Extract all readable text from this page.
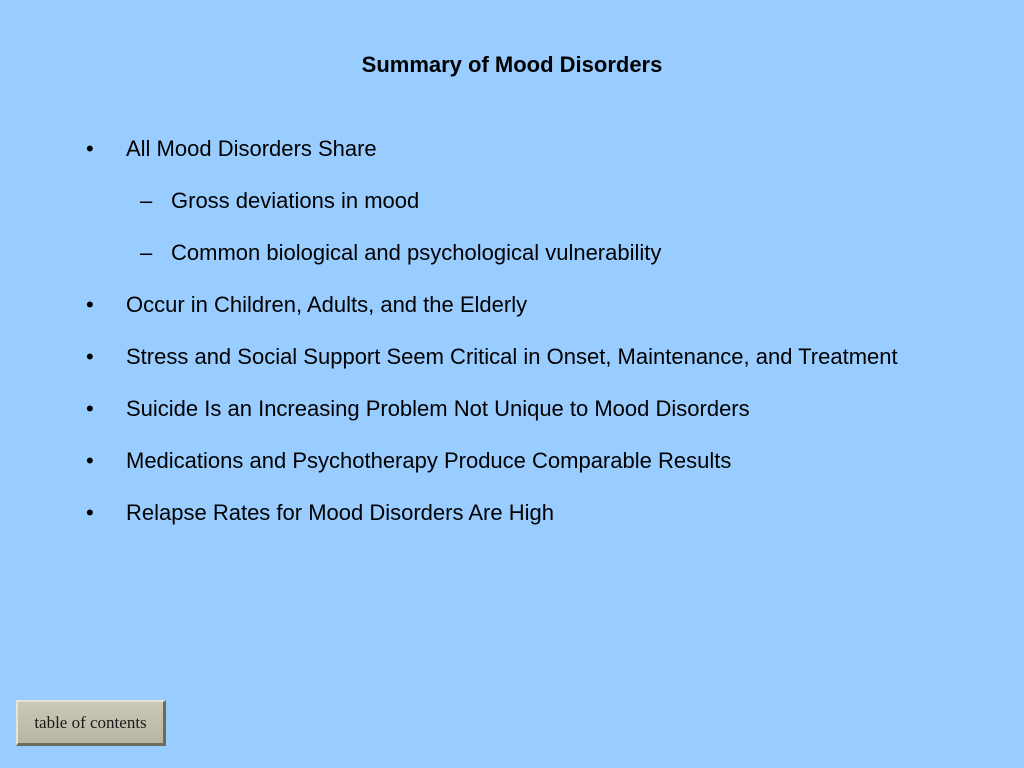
Summary of Mood Disorders
• All Mood Disorders Share
– Gross deviations in mood
– Common biological and psychological vulnerability
• Occur in Children, Adults, and the Elderly
• Stress and Social Support Seem Critical in Onset, Maintenance, and Treatment
• Suicide Is an Increasing Problem Not Unique to Mood Disorders
• Medications and Psychotherapy Produce Comparable Results
• Relapse Rates for Mood Disorders Are High
table of contents
